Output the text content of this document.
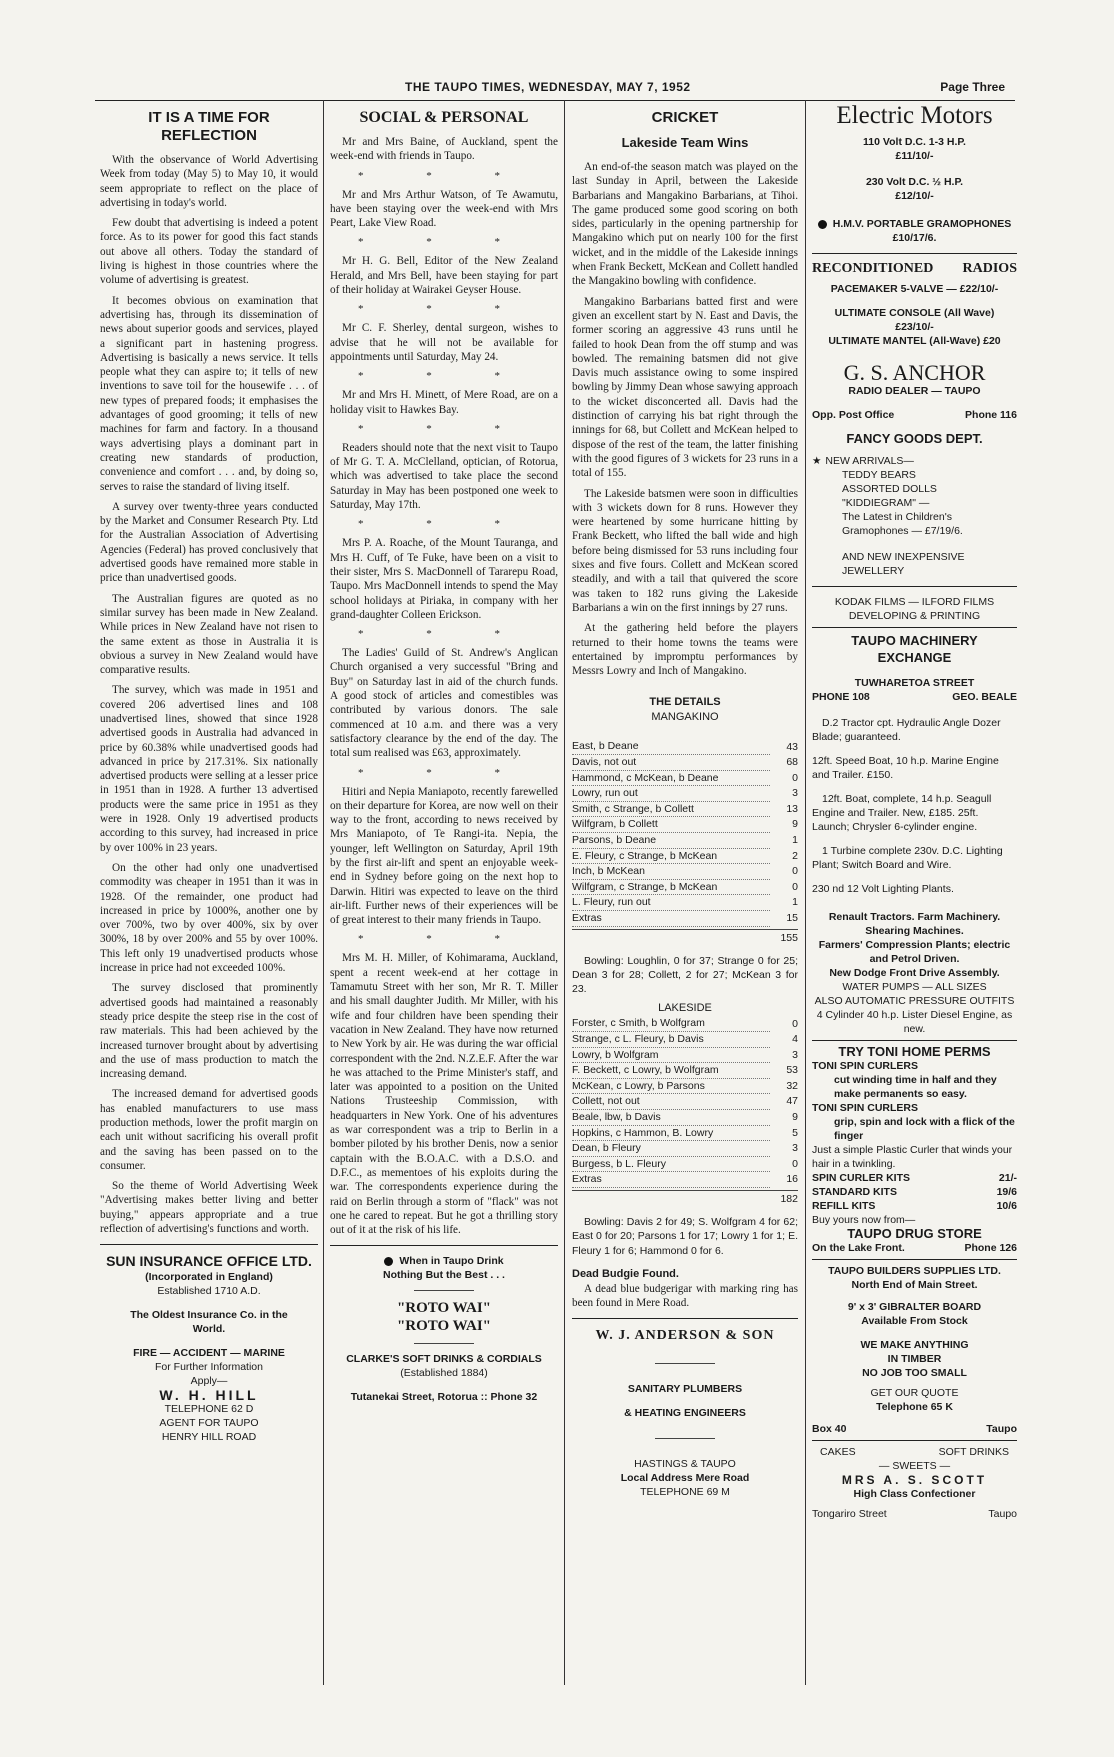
THE TAUPO TIMES, WEDNESDAY, MAY 7, 1952	Page Three
IT IS A TIME FOR REFLECTION

With the observance of World Advertising Week from today (May 5) to May 10, it would seem appropriate to reflect on the place of advertising in today's world.

Few doubt that advertising is indeed a potent force. As to its power for good this fact stands out above all others. Today the standard of living is highest in those countries where the volume of advertising is greatest.

It becomes obvious on examination that advertising has, through its dissemination of news about superior goods and services, played a significant part in hastening progress. Advertising is basically a news service. It tells people what they can aspire to; it tells of new inventions to save toil for the housewife . . . of new types of prepared foods; it emphasises the advantages of good grooming; it tells of new machines for farm and factory. In a thousand ways advertising plays a dominant part in creating new standards of production, convenience and comfort . . . and, by doing so, serves to raise the standard of living itself.

A survey over twenty-three years conducted by the Market and Consumer Research Pty. Ltd for the Australian Association of Advertising Agencies (Federal) has proved conclusively that advertised goods have remained more stable in price than unadvertised goods.

The Australian figures are quoted as no similar survey has been made in New Zealand. While prices in New Zealand have not risen to the same extent as those in Australia it is obvious a survey in New Zealand would have comparative results.

The survey, which was made in 1951 and covered 206 advertised lines and 108 unadvertised lines, showed that since 1928 advertised goods in Australia had advanced in price by 60.38% while unadvertised goods had advanced in price by 217.31%. Six nationally advertised products were selling at a lesser price in 1951 than in 1928. A further 13 advertised products were the same price in 1951 as they were in 1928. Only 19 advertised products according to this survey, had increased in price by over 100% in 23 years.

On the other had only one unadvertised commodity was cheaper in 1951 than it was in 1928. Of the remainder, one product had increased in price by 1000%, another one by over 700%, two by over 400%, six by over 300%, 18 by over 200% and 55 by over 100%. This left only 19 unadvertised products whose increase in price had not exceeded 100%.

The survey disclosed that prominently advertised goods had maintained a reasonably steady price despite the steep rise in the cost of raw materials. This had been achieved by the increased turnover brought about by advertising and the use of mass production to match the increasing demand.

The increased demand for advertised goods has enabled manufacturers to use mass production methods, lower the profit margin on each unit without sacrificing his overall profit and the saving has been passed on to the consumer.

So the theme of World Advertising Week "Advertising makes better living and better buying," appears appropriate and a true reflection of advertising's functions and worth.

SUN INSURANCE OFFICE LTD.
(Incorporated in England)
Established 1710 A.D.
The Oldest Insurance Co. in the World.
FIRE — ACCIDENT — MARINE
For Further Information
Apply—
W. H. HILL
TELEPHONE 62 D
AGENT FOR TAUPO
HENRY HILL ROAD
SOCIAL & PERSONAL

Mr and Mrs Baine, of Auckland, spent the week-end with friends in Taupo.

* * *

Mr and Mrs Arthur Watson, of Te Awamutu, have been staying over the week-end with Mrs Peart, Lake View Road.

* * *

Mr H. G. Bell, Editor of the New Zealand Herald, and Mrs Bell, have been staying for part of their holiday at Wairakei Geyser House.

* * *

Mr C. F. Sherley, dental surgeon, wishes to advise that he will not be available for appointments until Saturday, May 24.

* * *

Mr and Mrs H. Minett, of Mere Road, are on a holiday visit to Hawkes Bay.

* * *

Readers should note that the next visit to Taupo of Mr G. T. A. McClelland, optician, of Rotorua, which was advertised to take place the second Saturday in May has been postponed one week to Saturday, May 17th.

* * *

Mrs P. A. Roache, of the Mount Tauranga, and Mrs H. Cuff, of Te Fuke, have been on a visit to their sister, Mrs S. MacDonnell of Tararepu Road, Taupo. Mrs MacDonnell intends to spend the May school holidays at Piriaka, in company with her grand-daughter Colleen Erickson.

* * *

The Ladies' Guild of St. Andrew's Anglican Church organised a very successful "Bring and Buy" on Saturday last in aid of the church funds. A good stock of articles and comestibles was contributed by various donors. The sale commenced at 10 a.m. and there was a very satisfactory clearance by the end of the day. The total sum realised was £63, approximately.

* * *

Hitiri and Nepia Maniapoto, recently farewelled on their departure for Korea, are now well on their way to the front, according to news received by Mrs Maniapoto, of Te Rangi-ita. Nepia, the younger, left Wellington on Saturday, April 19th by the first air-lift and spent an enjoyable week-end in Sydney before going on the next hop to Darwin. Hitiri was expected to leave on the third air-lift. Further news of their experiences will be of great interest to their many friends in Taupo.

* * *

Mrs M. H. Miller, of Kohimarama, Auckland, spent a recent week-end at her cottage in Tamamutu Street with her son, Mr R. T. Miller and his small daughter Judith. Mr Miller, with his wife and four children have been spending their vacation in New Zealand. They have now returned to New York by air. He was during the war official correspondent with the 2nd. N.Z.E.F. After the war he was attached to the Prime Minister's staff, and later was appointed to a position on the United Nations Trusteeship Commission, with headquarters in New York. One of his adventures as war correspondent was a trip to Berlin in a bomber piloted by his brother Denis, now a senior captain with the B.O.A.C. with a D.S.O. and D.F.C., as mementoes of his exploits during the war. The correspondents experience during the raid on Berlin through a storm of "flack" was not one he cared to repeat. But he got a thrilling story out of it at the risk of his life.

When in Taupo Drink
Nothing But the Best . . .
"ROTO WAI"
"ROTO WAI"
CLARKE'S SOFT DRINKS & CORDIALS
(Established 1884)
Tutanekai Street, Rotorua :: Phone 32
CRICKET
Lakeside Team Wins

An end-of-the season match was played on the last Sunday in April, between the Lakeside Barbarians and Mangakino Barbarians, at Tihoi. The game produced some good scoring on both sides, particularly in the opening partnership for Mangakino which put on nearly 100 for the first wicket, and in the middle of the Lakeside innings when Frank Beckett, McKean and Collett handled the Mangakino bowling with confidence.

Mangakino Barbarians batted first and were given an excellent start by N. East and Davis, the former scoring an aggressive 43 runs until he failed to hook Dean from the off stump and was bowled. The remaining batsmen did not give Davis much assistance owing to some inspired bowling by Jimmy Dean whose sawying approach to the wicket disconcerted all. Davis had the distinction of carrying his bat right through the innings for 68, but Collett and McKean helped to dispose of the rest of the team, the latter finishing with the good figures of 3 wickets for 23 runs in a total of 155.

The Lakeside batsmen were soon in difficulties with 3 wickets down for 8 runs. However they were heartened by some hurricane hitting by Frank Beckett, who lifted the ball wide and high before being dismissed for 53 runs including four sixes and five fours. Collett and McKean scored steadily, and with a tail that quivered the score was taken to 182 runs giving the Lakeside Barbarians a win on the first innings by 27 runs.

At the gathering held before the players returned to their home towns the teams were entertained by impromptu performances by Messrs Lowry and Inch of Mangakino.

THE DETAILS
MANGAKINO
East, b Deane	43
Davis, not out	68
Hammond, c McKean, b Deane	0
Lowry, run out	3
Smith, c Strange, b Collett	13
Wilfgram, b Collett	9
Parsons, b Deane	1
E. Fleury, c Strange, b McKean	2
Inch, b McKean	0
Wilfgram, c Strange, b McKean	0
L. Fleury, run out	1
Extras	15
155

Bowling: Loughlin, 0 for 37; Strange 0 for 25; Dean 3 for 28; Collett, 2 for 27; McKean 3 for 23.

LAKESIDE
Forster, c Smith, b Wolfgram	0
Strange, c L. Fleury, b Davis	4
Lowry, b Wolfgram	3
F. Beckett, c Lowry, b Wolfgram	53
McKean, c Lowry, b Parsons	32
Collett, not out	47
Beale, lbw, b Davis	9
Hopkins, c Hammon, B. Lowry	5
Dean, b Fleury	3
Burgess, b L. Fleury	0
Extras	16
182

Bowling: Davis 2 for 49; S. Wolfgram 4 for 62; East 0 for 20; Parsons 1 for 17; Lowry 1 for 1; E. Fleury 1 for 6; Hammond 0 for 6.

Dead Budgie Found.

A dead blue budgerigar with marking ring has been found in Mere Road.

W. J. ANDERSON & SON
SANITARY PLUMBERS
& HEATING ENGINEERS
HASTINGS & TAUPO
Local Address Mere Road
TELEPHONE 69 M
Electric Motors
110 Volt D.C. 1-3 H.P.
£11/10/-
230 Volt D.C. ½ H.P.
£12/10/-
H.M.V. PORTABLE GRAMOPHONES
£10/17/6.
RECONDITIONED RADIOS
PACEMAKER 5-VALVE — £22/10/-
ULTIMATE CONSOLE (All Wave)
£23/10/-
ULTIMATE MANTEL (All-Wave) £20
G. S. ANCHOR
RADIO DEALER — TAUPO
Opp. Post Office	Phone 116
FANCY GOODS DEPT.
★ NEW ARRIVALS—
TEDDY BEARS
ASSORTED DOLLS
"KIDDIEGRAM" —
The Latest in Children's Gramophones — £7/19/6.
AND NEW INEXPENSIVE
JEWELLERY
KODAK FILMS — ILFORD FILMS
DEVELOPING & PRINTING
TAUPO MACHINERY EXCHANGE
TUWHARETOA STREET
PHONE 108	GEO. BEALE
D.2 Tractor cpt. Hydraulic Angle Dozer Blade; guaranteed.
12ft. Speed Boat, 10 h.p. Marine Engine and Trailer. £150.
12ft. Boat, complete, 14 h.p. Seagull Engine and Trailer. New, £185. 25ft. Launch; Chrysler 6-cylinder engine.
1 Turbine complete 230v. D.C. Lighting Plant; Switch Board and Wire.
230 nd 12 Volt Lighting Plants.
Renault Tractors. Farm Machinery. Shearing Machines.
Farmers' Compression Plants; electric and Petrol Driven.
New Dodge Front Drive Assembly.
WATER PUMPS — ALL SIZES
ALSO AUTOMATIC PRESSURE OUTFITS
4 Cylinder 40 h.p. Lister Diesel Engine, as new.
TRY TONI HOME PERMS
TONI SPIN CURLERS
cut winding time in half and they make permanents so easy.
TONI SPIN CURLERS
grip, spin and lock with a flick of the finger
Just a simple Plastic Curler that winds your hair in a twinkling.
SPIN CURLER KITS	21/-
STANDARD KITS	19/6
REFILL KITS	10/6
Buy yours now from—
TAUPO DRUG STORE
On the Lake Front.	Phone 126
TAUPO BUILDERS SUPPLIES LTD.
North End of Main Street.
9' x 3' GIBRALTER BOARD
Available From Stock
WE MAKE ANYTHING
IN TIMBER
NO JOB TOO SMALL
GET OUR QUOTE
Telephone 65 K
Box 40	Taupo
CAKES	SOFT DRINKS
— SWEETS —
MRS A. S. SCOTT
High Class Confectioner
Tongariro Street	Taupo
